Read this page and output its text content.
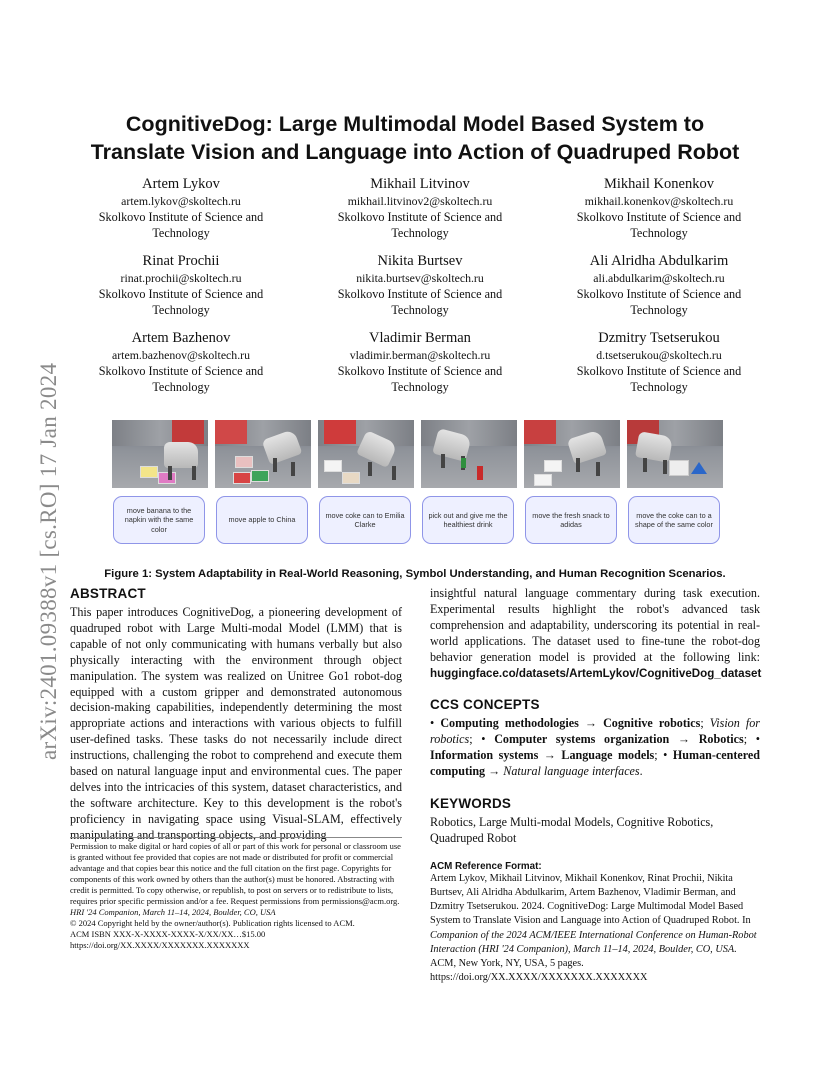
arXiv:2401.09388v1 [cs.RO] 17 Jan 2024
CognitiveDog: Large Multimodal Model Based System to
Translate Vision and Language into Action of Quadruped Robot
Artem Lykov
artem.lykov@skoltech.ru
Skolkovo Institute of Science and
Technology
Mikhail Litvinov
mikhail.litvinov2@skoltech.ru
Skolkovo Institute of Science and
Technology
Mikhail Konenkov
mikhail.konenkov@skoltech.ru
Skolkovo Institute of Science and
Technology
Rinat Prochii
rinat.prochii@skoltech.ru
Skolkovo Institute of Science and
Technology
Nikita Burtsev
nikita.burtsev@skoltech.ru
Skolkovo Institute of Science and
Technology
Ali Alridha Abdulkarim
ali.abdulkarim@skoltech.ru
Skolkovo Institute of Science and
Technology
Artem Bazhenov
artem.bazhenov@skoltech.ru
Skolkovo Institute of Science and
Technology
Vladimir Berman
vladimir.berman@skoltech.ru
Skolkovo Institute of Science and
Technology
Dzmitry Tsetserukou
d.tsetserukou@skoltech.ru
Skolkovo Institute of Science and
Technology
move banana to the napkin with the same color
move apple to China
move coke can to Emilia Clarke
pick out and give me the healthiest drink
move the fresh snack to adidas
move the coke can to a shape of the same color
Figure 1: System Adaptability in Real-World Reasoning, Symbol Understanding, and Human Recognition Scenarios.
ABSTRACT

This paper introduces CognitiveDog, a pioneering development of quadruped robot with Large Multi-modal Model (LMM) that is capable of not only communicating with humans verbally but also physically interacting with the environment through object manipulation. The system was realized on Unitree Go1 robot-dog equipped with a custom gripper and demonstrated autonomous decision-making capabilities, independently determining the most appropriate actions and interactions with various objects to fulfill user-defined tasks. These tasks do not necessarily include direct instructions, challenging the robot to comprehend and execute them based on natural language input and environmental cues. The paper delves into the intricacies of this system, dataset characteristics, and the software architecture. Key to this development is the robot's proficiency in navigating space using Visual-SLAM, effectively manipulating and transporting objects, and providing

Permission to make digital or hard copies of all or part of this work for personal or classroom use is granted without fee provided that copies are not made or distributed for profit or commercial advantage and that copies bear this notice and the full citation on the first page. Copyrights for components of this work owned by others than the author(s) must be honored. Abstracting with credit is permitted. To copy otherwise, or republish, to post on servers or to redistribute to lists, requires prior specific permission and/or a fee. Request permissions from permissions@acm.org.
HRI '24 Companion, March 11–14, 2024, Boulder, CO, USA
© 2024 Copyright held by the owner/author(s). Publication rights licensed to ACM.
ACM ISBN XXX-X-XXXX-XXXX-X/XX/XX…$15.00
https://doi.org/XX.XXXX/XXXXXXX.XXXXXXX

insightful natural language commentary during task execution. Experimental results highlight the robot's advanced task comprehension and adaptability, underscoring its potential in real-world applications. The dataset used to fine-tune the robot-dog behavior generation model is provided at the following link: huggingface.co/datasets/ArtemLykov/CognitiveDog_dataset

CCS CONCEPTS
• Computing methodologies → Cognitive robotics; Vision for robotics; • Computer systems organization → Robotics; • Information systems → Language models; • Human-centered computing → Natural language interfaces.
KEYWORDS

Robotics, Large Multi-modal Models, Cognitive Robotics, Quadruped Robot

ACM Reference Format:
Artem Lykov, Mikhail Litvinov, Mikhail Konenkov, Rinat Prochii, Nikita Burtsev, Ali Alridha Abdulkarim, Artem Bazhenov, Vladimir Berman, and Dzmitry Tsetserukou. 2024. CognitiveDog: Large Multimodal Model Based System to Translate Vision and Language into Action of Quadruped Robot. In Companion of the 2024 ACM/IEEE International Conference on Human-Robot Interaction (HRI '24 Companion), March 11–14, 2024, Boulder, CO, USA. ACM, New York, NY, USA, 5 pages. https://doi.org/XX.XXXX/XXXXXXX.XXXXXXX
